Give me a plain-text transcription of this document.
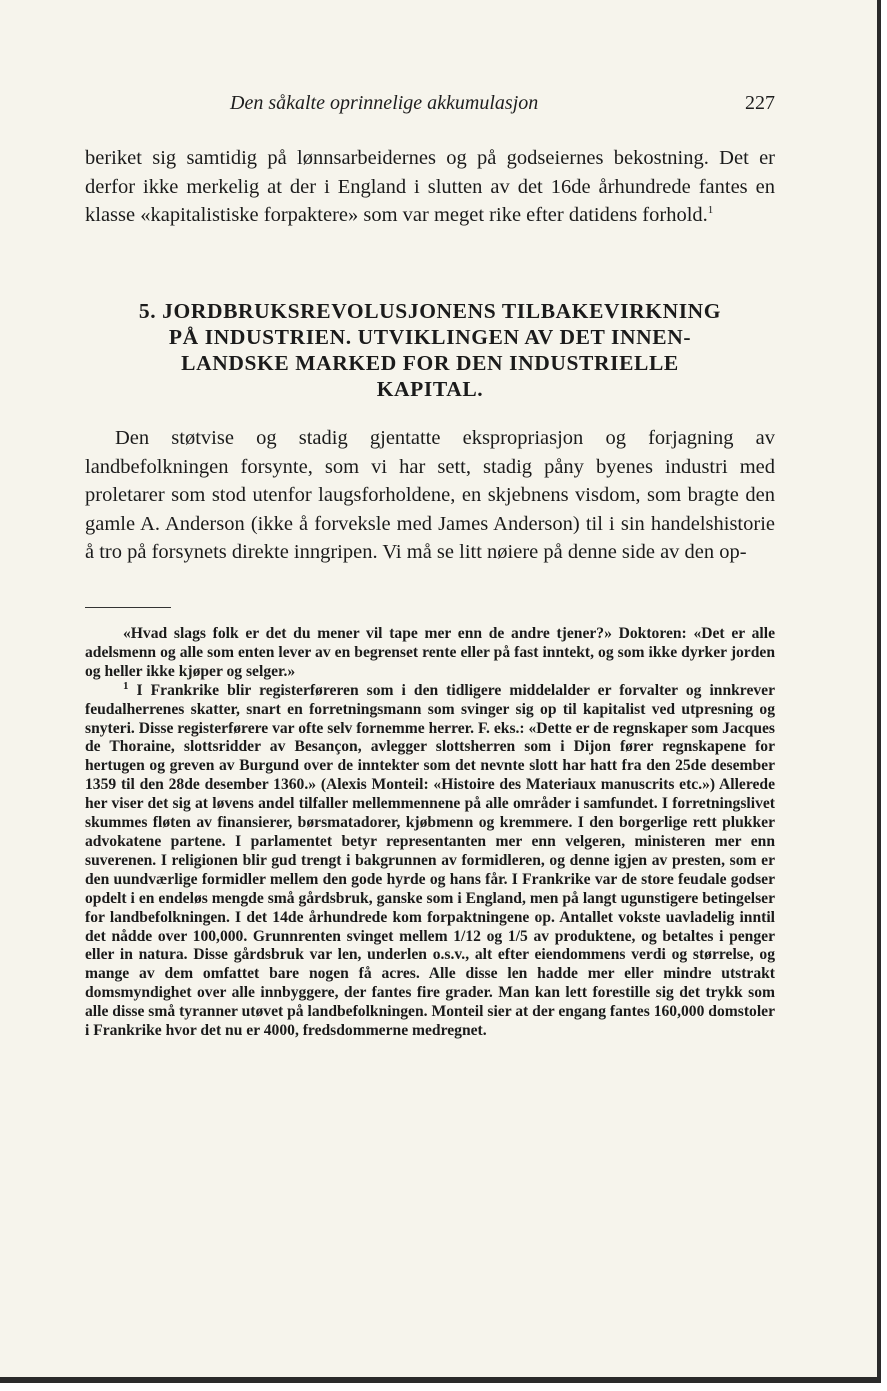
Den såkalte oprinnelige akkumulasjon	227

beriket sig samtidig på lønnsarbeidernes og på godseiernes bekostning. Det er derfor ikke merkelig at der i England i slutten av det 16de århundrede fantes en klasse «kapitalistiske forpaktere» som var meget rike efter datidens forhold.$^1$

5. JORDBRUKSREVOLUSJONENS TILBAKEVIRKNING

PÅ INDUSTRIEN. UTVIKLINGEN AV DET INNEN-

LANDSKE MARKED FOR DEN INDUSTRIELLE

KAPITAL.

Den støtvise og stadig gjentatte ekspropriasjon og forjagning av landbefolkningen forsynte, som vi har sett, stadig påny byenes industri med proletarer som stod utenfor laugsforholdene, en skjebnens visdom, som bragte den gamle A. Anderson (ikke å forveksle med James Anderson) til i sin handelshistorie å tro på forsynets direkte inngripen. Vi må se litt nøiere på denne side av den op-

«Hvad slags folk er det du mener vil tape mer enn de andre tjener?» Doktoren: «Det er alle adelsmenn og alle som enten lever av en begrenset rente eller på fast inntekt, og som ikke dyrker jorden og heller ikke kjøper og selger.»

$^1$ I Frankrike blir registerføreren som i den tidligere middelalder er forvalter og innkrever feudalherrenes skatter, snart en forretningsmann som svinger sig op til kapitalist ved utpresning og snyteri. Disse registerførere var ofte selv fornemme herrer. F. eks.: «Dette er de regnskaper som Jacques de Thoraine, slottsridder av Besançon, avlegger slottsherren som i Dijon fører regnskapene for hertugen og greven av Burgund over de inntekter som det nevnte slott har hatt fra den 25de desember 1359 til den 28de desember 1360.» (Alexis Monteil: «Histoire des Materiaux manuscrits etc.») Allerede her viser det sig at løvens andel tilfaller mellemmennene på alle områder i samfundet. I forretningslivet skummes fløten av finansierer, børsmatadorer, kjøbmenn og kremmere. I den borgerlige rett plukker advokatene partene. I parlamentet betyr representanten mer enn velgeren, ministeren mer enn suverenen. I religionen blir gud trengt i bakgrunnen av formidleren, og denne igjen av presten, som er den uundværlige formidler mellem den gode hyrde og hans får. I Frankrike var de store feudale godser opdelt i en endeløs mengde små gårdsbruk, ganske som i England, men på langt ugunstigere betingelser for landbefolkningen. I det 14de århundrede kom forpaktningene op. Antallet vokste uavladelig inntil det nådde over 100,000. Grunnrenten svinget mellem 1/12 og 1/5 av produktene, og betaltes i penger eller in natura. Disse gårdsbruk var len, underlen o.s.v., alt efter eiendommens verdi og størrelse, og mange av dem omfattet bare nogen få acres. Alle disse len hadde mer eller mindre utstrakt domsmyndighet over alle innbyggere, der fantes fire grader. Man kan lett forestille sig det trykk som alle disse små tyranner utøvet på landbefolkningen. Monteil sier at der engang fantes 160,000 domstoler i Frankrike hvor det nu er 4000, fredsdommerne medregnet.
